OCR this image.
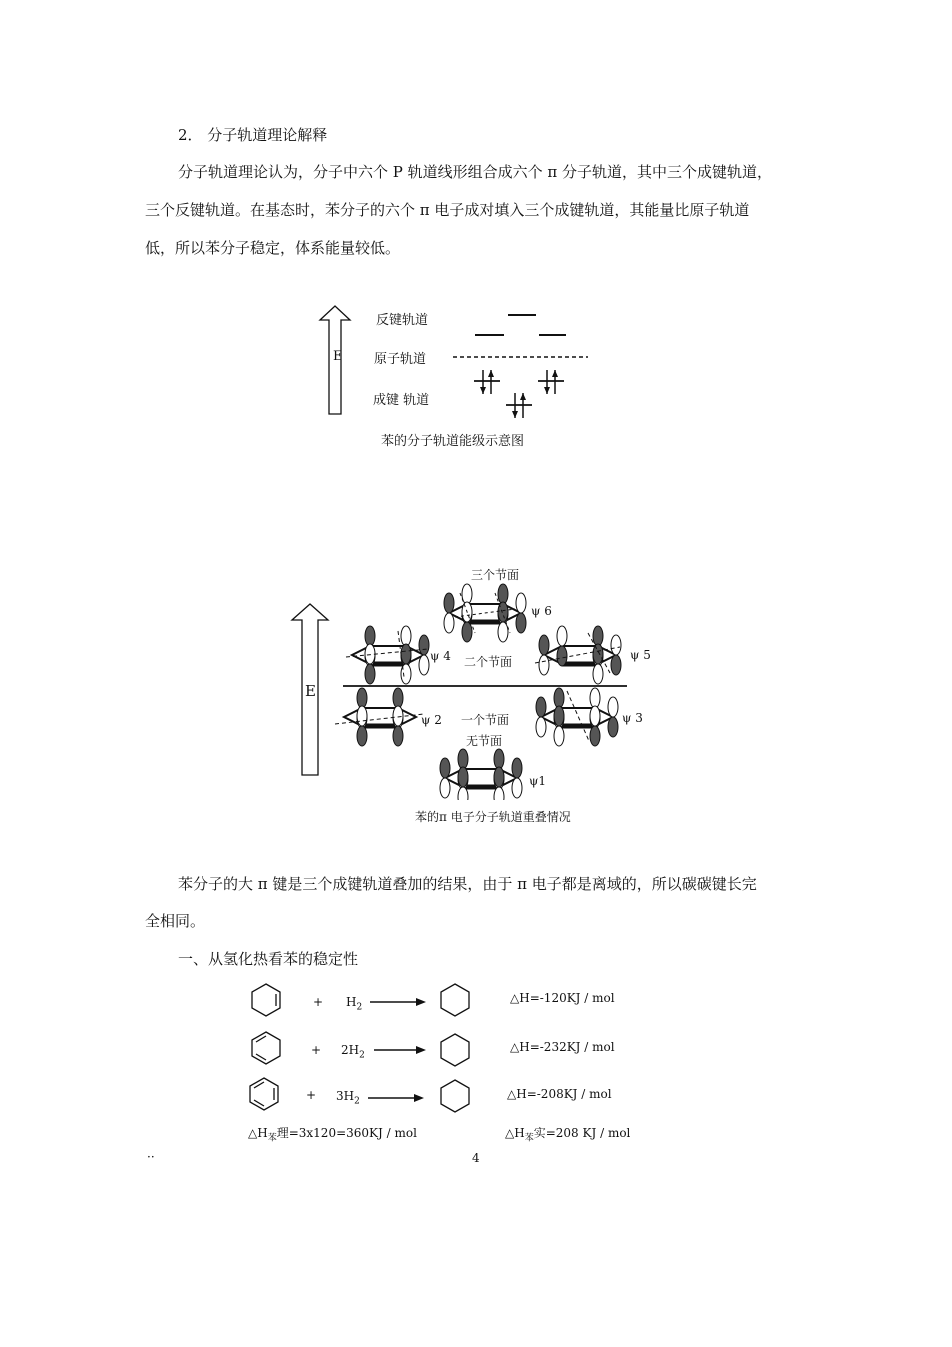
2． 分子轨道理论解释
分子轨道理论认为，分子中六个 P 轨道线形组合成六个 π 分子轨道，其中三个成键轨道，
三个反键轨道。在基态时，苯分子的六个 π 电子成对填入三个成键轨道，其能量比原子轨道
低，所以苯分子稳定，体系能量较低。
E
反键轨道
原子轨道
成键 轨道
苯的分子轨道能级示意图
E
三个节面
二个节面
一个节面
无节面
ψ 6
ψ 5
ψ 4
ψ 3
ψ 2
ψ1
苯的π 电子分子轨道重叠情况
苯分子的大 π 键是三个成键轨道叠加的结果，由于 π 电子都是离域的，所以碳碳键长完
全相同。
一、从氢化热看苯的稳定性
+ $H_2$
△H=-120KJ / mol
+ $2H_2$
△H=-232KJ / mol
+ $3H_2$
△H=-208KJ / mol
$\triangle H_苯$理=3x120=360KJ / mol	$\triangle H_苯$实=208 KJ / mol
··	4
